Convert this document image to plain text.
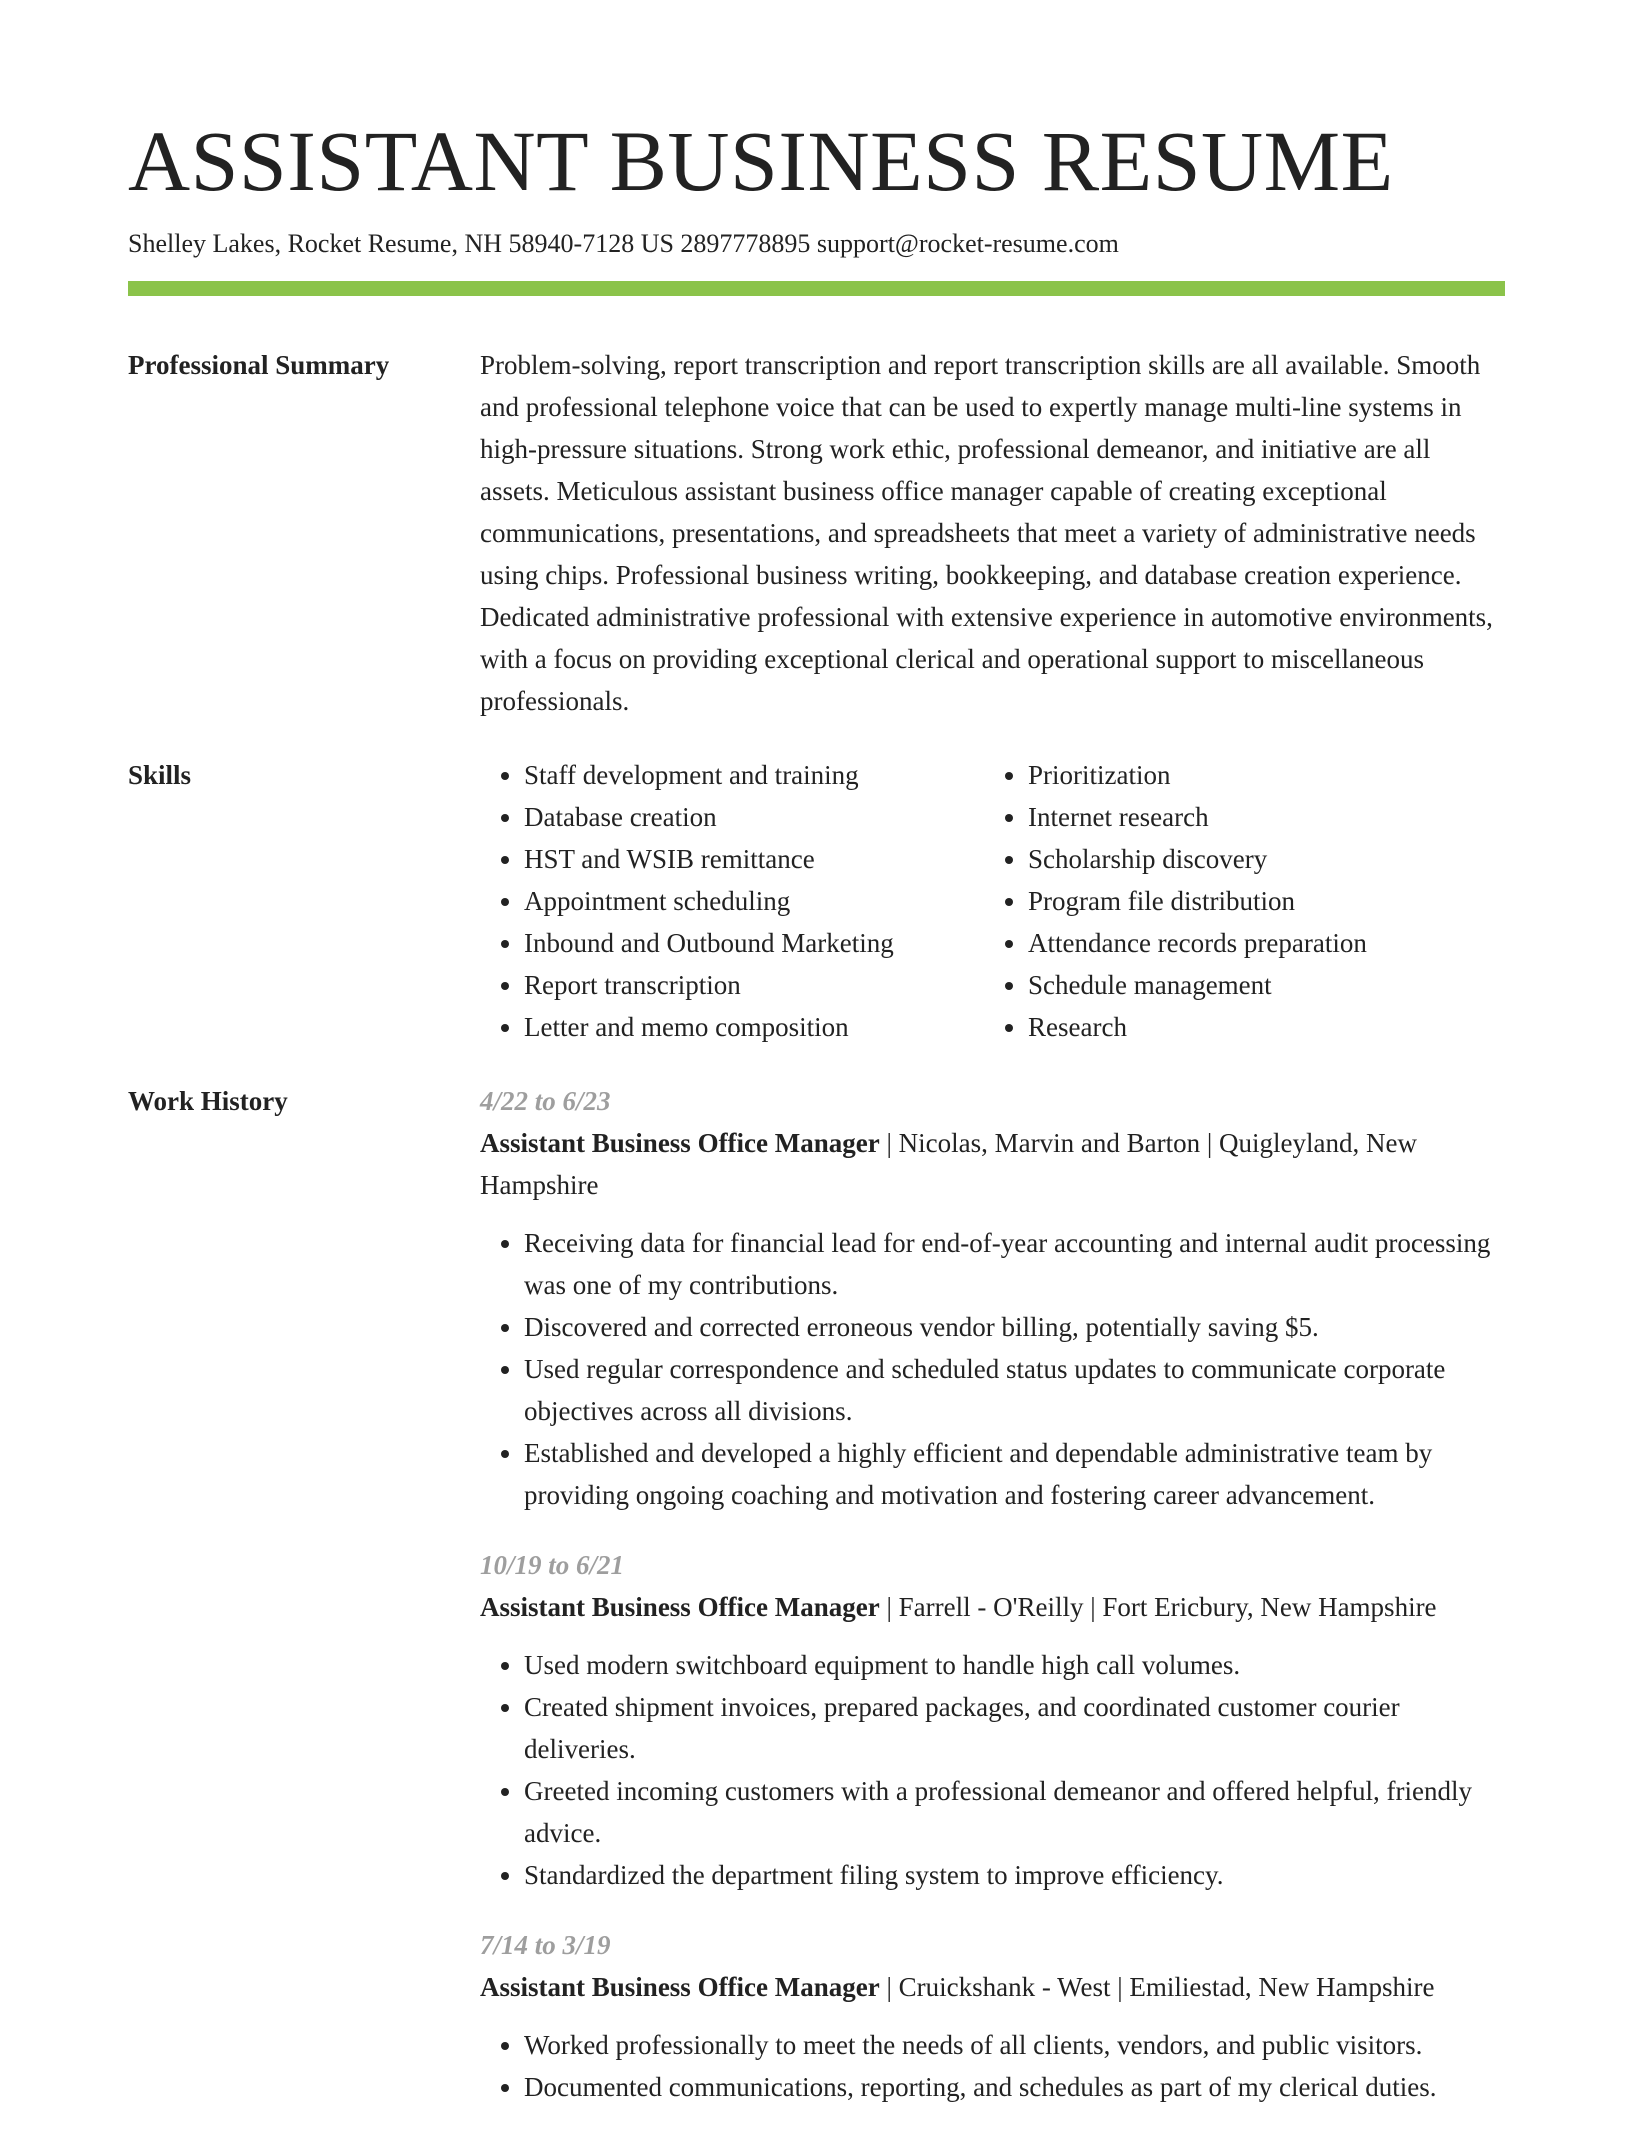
ASSISTANT BUSINESS RESUME
Shelley Lakes, Rocket Resume, NH 58940-7128 US 2897778895 support@rocket-resume.com
Professional Summary	Problem-solving, report transcription and report transcription skills are all available. Smooth and professional telephone voice that can be used to expertly manage multi-line systems in high-pressure situations. Strong work ethic, professional demeanor, and initiative are all assets. Meticulous assistant business office manager capable of creating exceptional communications, presentations, and spreadsheets that meet a variety of administrative needs using chips. Professional business writing, bookkeeping, and database creation experience. Dedicated administrative professional with extensive experience in automotive environments, with a focus on providing exceptional clerical and operational support to miscellaneous professionals.

Skills
•	Staff development and training
• Database creation
• HST and WSIB remittance
• Appointment scheduling
• Inbound and Outbound Marketing
• Report transcription
• Letter and memo composition
• Prioritization
• Internet research
• Scholarship discovery
• Program file distribution
• Attendance records preparation
• Schedule management
• Research
Work History	4/22 to 6/23
Assistant Business Office Manager | Nicolas, Marvin and Barton | Quigleyland, New Hampshire
• Receiving data for financial lead for end-of-year accounting and internal audit processing was one of my contributions.
• Discovered and corrected erroneous vendor billing, potentially saving $5.
• Used regular correspondence and scheduled status updates to communicate corporate objectives across all divisions.
• Established and developed a highly efficient and dependable administrative team by providing ongoing coaching and motivation and fostering career advancement.
10/19 to 6/21
Assistant Business Office Manager | Farrell - O'Reilly | Fort Ericbury, New Hampshire
• Used modern switchboard equipment to handle high call volumes.
• Created shipment invoices, prepared packages, and coordinated customer courier deliveries.
• Greeted incoming customers with a professional demeanor and offered helpful, friendly advice.
• Standardized the department filing system to improve efficiency.
7/14 to 3/19
Assistant Business Office Manager | Cruickshank - West | Emiliestad, New Hampshire
• Worked professionally to meet the needs of all clients, vendors, and public visitors.
• Documented communications, reporting, and schedules as part of my clerical duties.
